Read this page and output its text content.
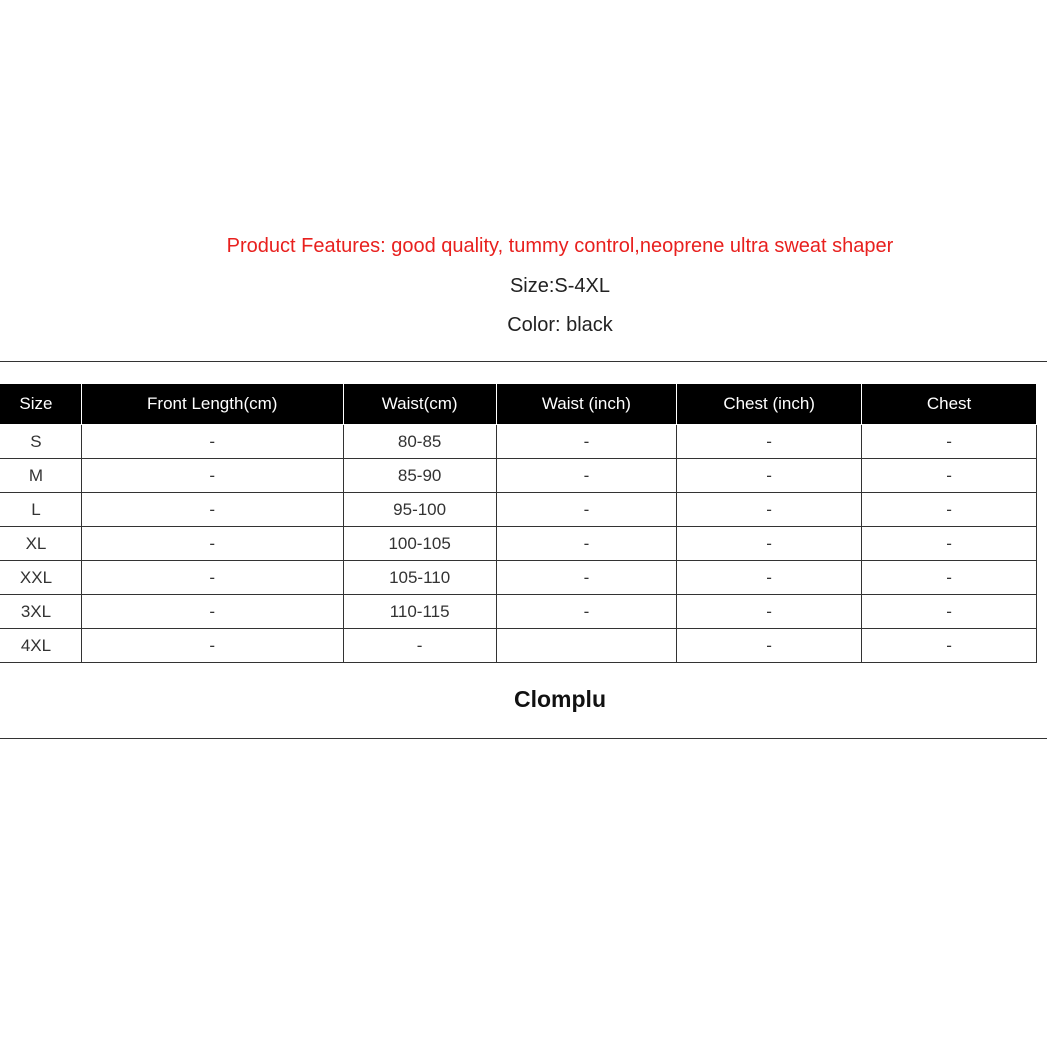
Product Features: good quality, tummy control,neoprene ultra sweat shaper
Size:S-4XL
Color: black
Size	Front Length(cm)	Waist(cm)	Waist (inch)	Chest (inch)	Chest
S	-	80-85	-	-	-
M	-	85-90	-	-	-
L	-	95-100	-	-	-
XL	-	100-105	-	-	-
XXL	-	105-110	-	-	-
3XL	-	110-115	-	-	-
4XL	-	-		-	-
Clomplu
